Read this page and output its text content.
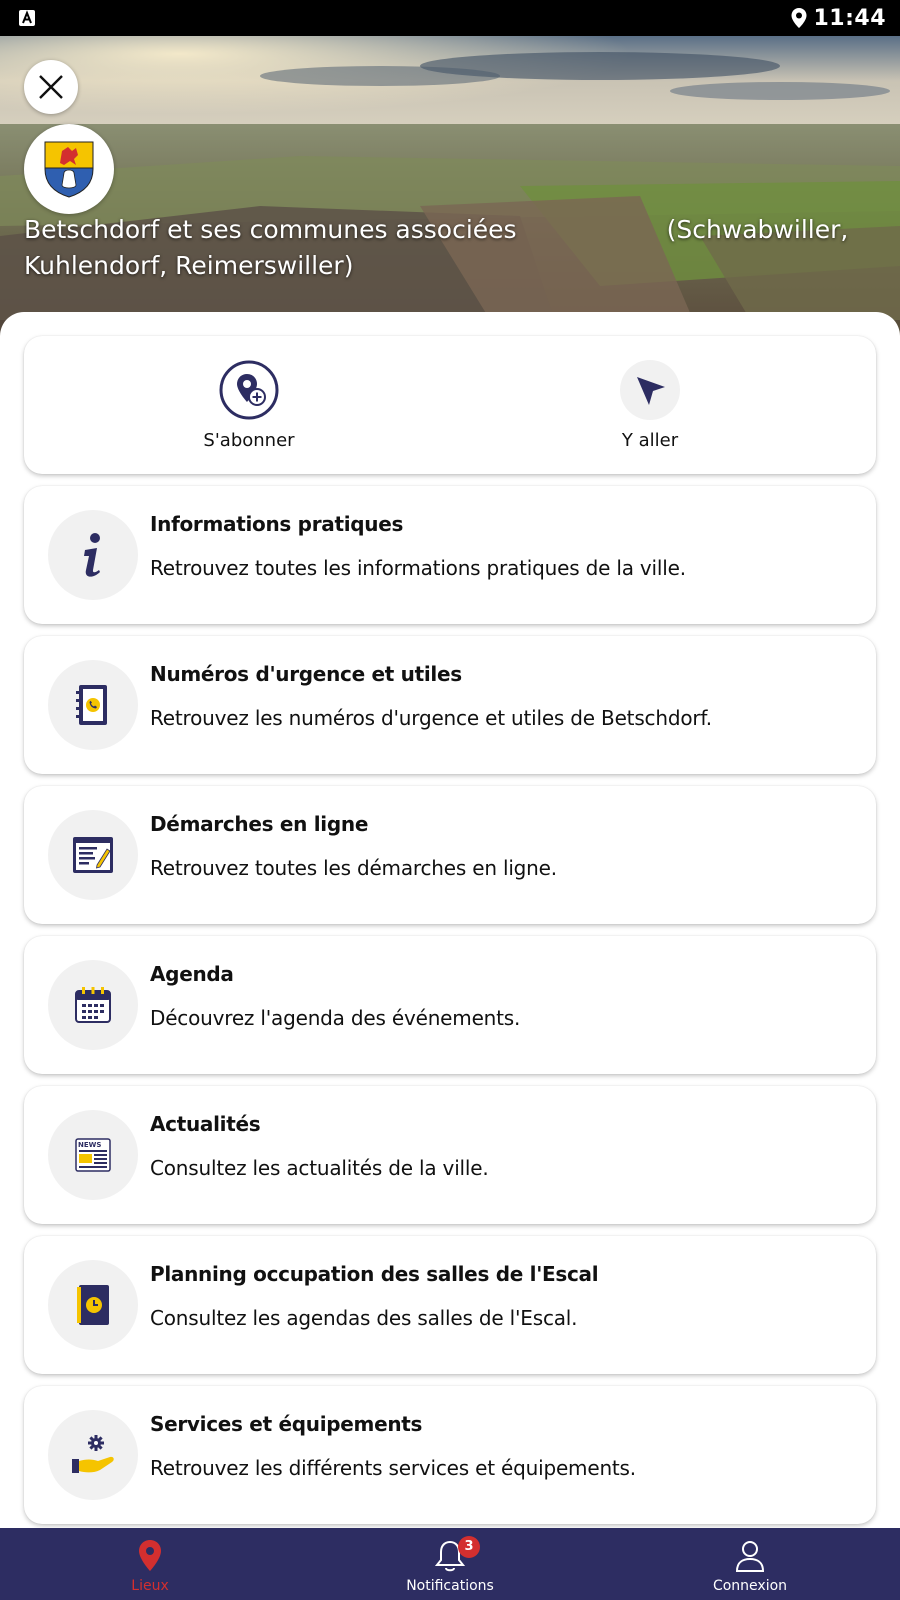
11:44
Betschdorf et ses communes associées	(Schwabwiller,
Kuhlendorf, Reimerswiller)
S'abonner	Y aller
Informations pratiques
Retrouvez toutes les informations pratiques de la ville.
Numéros d'urgence et utiles
Retrouvez les numéros d'urgence et utiles de Betschdorf.
Démarches en ligne
Retrouvez toutes les démarches en ligne.
Agenda
Découvrez l'agenda des événements.
NEWS
Actualités
Consultez les actualités de la ville.
Planning occupation des salles de l'Escal
Consultez les agendas des salles de l'Escal.
Services et équipements
Retrouvez les différents services et équipements.
Lieux
3
Notifications	Connexion
